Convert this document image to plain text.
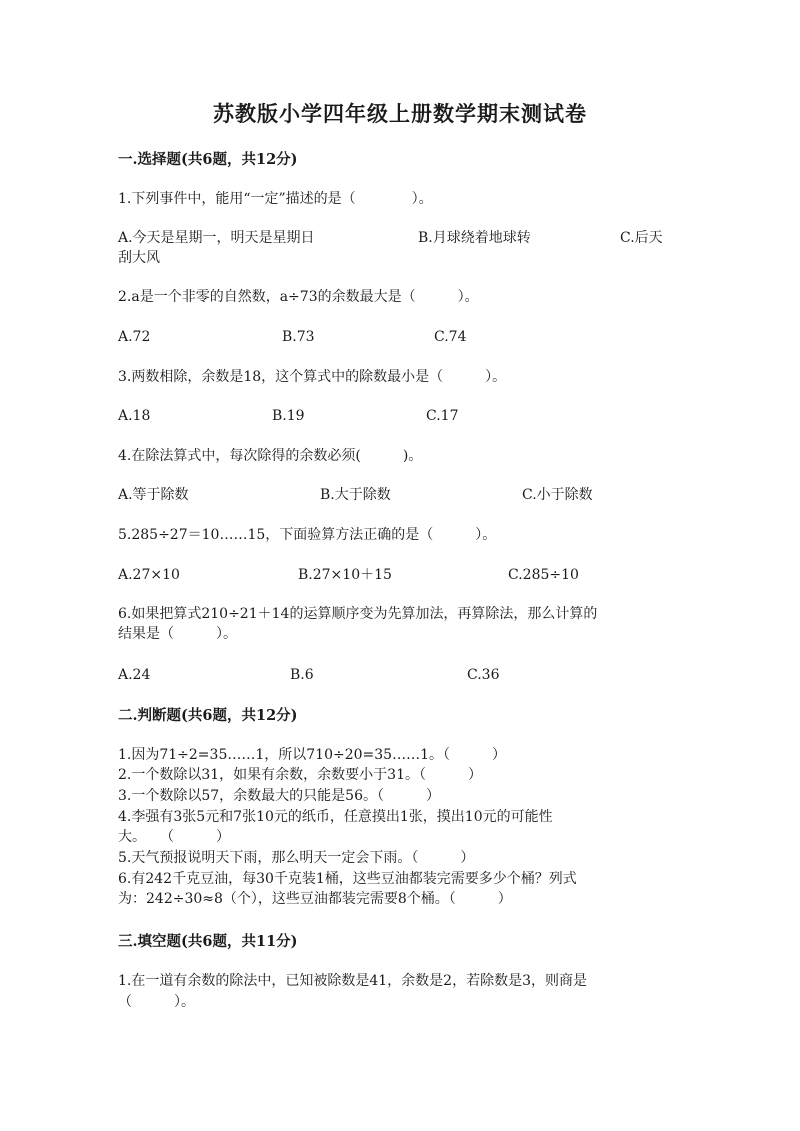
苏教版小学四年级上册数学期末测试卷
一.选择题(共6题，共12分)
1.下列事件中，能用“一定”描述的是（　　　　）。
A.今天是星期一，明天是星期日	B.月球绕着地球转	C.后天
刮大风
2.a是一个非零的自然数，a÷73的余数最大是（　　　）。
A.72	B.73	C.74
3.两数相除，余数是18，这个算式中的除数最小是（　　　）。
A.18	B.19	C.17
4.在除法算式中，每次除得的余数必须(　　　)。
A.等于除数	B.大于除数	C.小于除数
5.285÷27＝10……15，下面验算方法正确的是（　　　）。
A.27×10	B.27×10＋15	C.285÷10
6.如果把算式210÷21＋14的运算顺序变为先算加法，再算除法，那么计算的
结果是（　　　）。
A.24	B.6	C.36
二.判断题(共6题，共12分)
1.因为71÷2=35……1，所以710÷20=35……1。（　　　）
2.一个数除以31，如果有余数，余数要小于31。（　　　）
3.一个数除以57，余数最大的只能是56。（　　　）
4.李强有3张5元和7张10元的纸币，任意摸出1张，摸出10元的可能性
大。　　（　　　）
5.天气预报说明天下雨，那么明天一定会下雨。（　　　）
6.有242千克豆油，每30千克装1桶，这些豆油都装完需要多少个桶？列式
为：242÷30≈8（个），这些豆油都装完需要8个桶。（　　　）
三.填空题(共6题，共11分)
1.在一道有余数的除法中，已知被除数是41，余数是2，若除数是3，则商是
（　　　）。
